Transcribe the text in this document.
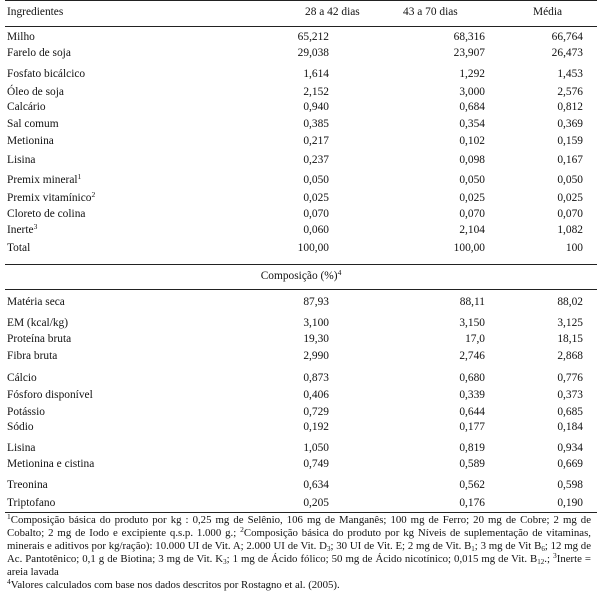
Ingredientes	28 a 42 dias	43 a 70 dias	Média
Milho	65,212	68,316	66,764
Farelo de soja	29,038	23,907	26,473
Fosfato bicálcico	1,614	1,292	1,453
Óleo de soja	2,152	3,000	2,576
Calcário	0,940	0,684	0,812
Sal comum	0,385	0,354	0,369
Metionina	0,217	0,102	0,159
Lisina	0,237	0,098	0,167
Premix mineral$^1$	0,050	0,050	0,050
Premix vitamínico$^2$	0,025	0,025	0,025
Cloreto de colina	0,070	0,070	0,070
Inerte$^3$	0,060	2,104	1,082
Total	100,00	100,00	100
Composição (%)$^4$
Matéria seca	87,93	88,11	88,02
EM (kcal/kg)	3,100	3,150	3,125
Proteína bruta	19,30	17,0	18,15
Fibra bruta	2,990	2,746	2,868
Cálcio	0,873	0,680	0,776
Fósforo disponível	0,406	0,339	0,373
Potássio	0,729	0,644	0,685
Sódio	0,192	0,177	0,184
Lisina	1,050	0,819	0,934
Metionina e cistina	0,749	0,589	0,669
Treonina	0,634	0,562	0,598
Triptofano	0,205	0,176	0,190

$^1$Composição básica do produto por kg : 0,25 mg de Selênio, 106 mg de Manganês; 100 mg de Ferro; 20 mg de Cobre; 2 mg de Cobalto; 2 mg de Iodo e excipiente q.s.p. 1.000 g.; $^2$Composição básica do produto por kg Níveis de suplementação de vitaminas, minerais e aditivos por kg/ração): 10.000 UI de Vit. A; 2.000 UI de Vit. $D_3$; 30 UI de Vit. E; 2 mg de Vit. $B_1$; 3 mg de Vit $B_6$; 12 mg de Ac. Pantotênico; 0,1 g de Biotina; 3 mg de Vit. $K_3$; 1 mg de Ácido fólico; 50 mg de Ácido nicotínico; 0,015 mg de Vit. $B_{12}$.; $^3$Inerte = areia lavada

$^4$Valores calculados com base nos dados descritos por Rostagno et al. (2005).
